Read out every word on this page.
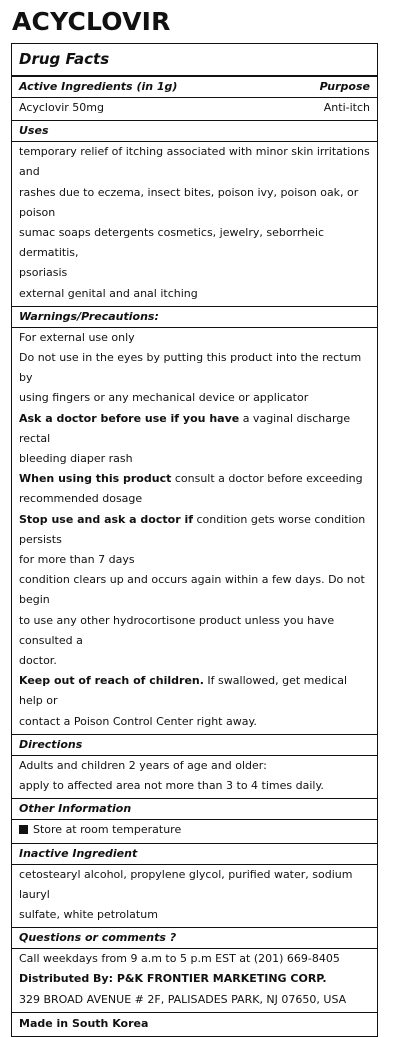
ACYCLOVIR
Drug Facts
Active Ingredients (in 1g)	Purpose
Acyclovir 50mg	Anti-itch
Uses
temporary relief of itching associated with minor skin irritations and
rashes due to eczema, insect bites, poison ivy, poison oak, or poison
sumac soaps detergents cosmetics, jewelry, seborrheic dermatitis,
psoriasis
external genital and anal itching
Warnings/Precautions:
For external use only
Do not use in the eyes by putting this product into the rectum by
using fingers or any mechanical device or applicator
Ask a doctor before use if you have a vaginal discharge rectal
bleeding diaper rash
When using this product consult a doctor before exceeding
recommended dosage
Stop use and ask a doctor if condition gets worse condition persists
for more than 7 days
condition clears up and occurs again within a few days. Do not begin
to use any other hydrocortisone product unless you have consulted a
doctor.
Keep out of reach of children. If swallowed, get medical help or
contact a Poison Control Center right away.
Directions
Adults and children 2 years of age and older:
apply to affected area not more than 3 to 4 times daily.
Other Information
Store at room temperature
Inactive Ingredient
cetostearyl alcohol, propylene glycol, purified water, sodium lauryl
sulfate, white petrolatum
Questions or comments ?
Call weekdays from 9 a.m to 5 p.m EST at (201) 669-8405
Distributed By: P&K FRONTIER MARKETING CORP.
329 BROAD AVENUE # 2F, PALISADES PARK, NJ 07650, USA
Made in South Korea
